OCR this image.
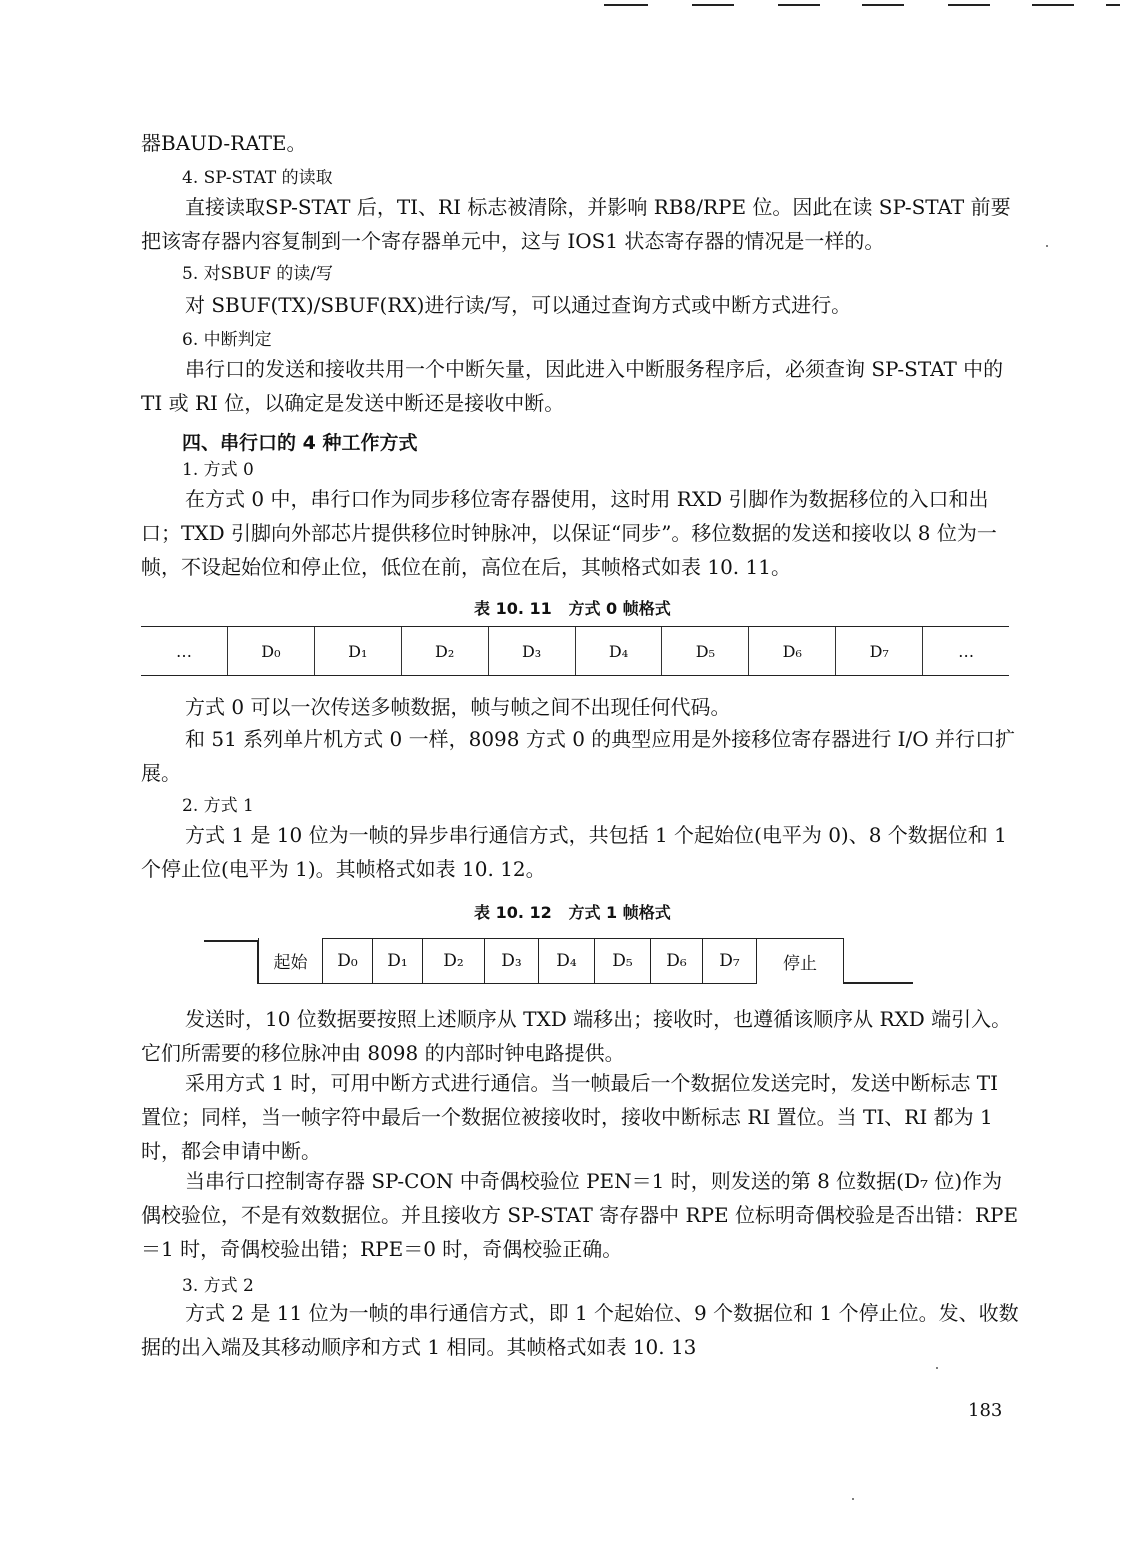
器BAUD-RATE。

4. SP-STAT 的读取

直接读取SP-STAT 后，TI、RI 标志被清除，并影响 RB8/RPE 位。因此在读 SP-STAT 前要把该寄存器内容复制到一个寄存器单元中，这与 IOS1 状态寄存器的情况是一样的。

5. 对SBUF 的读/写

对 SBUF(TX)/SBUF(RX)进行读/写，可以通过查询方式或中断方式进行。

6. 中断判定

串行口的发送和接收共用一个中断矢量，因此进入中断服务程序后，必须查询 SP-STAT 中的 TI 或 RI 位，以确定是发送中断还是接收中断。

四、串行口的 4 种工作方式
1. 方式 0

在方式 0 中，串行口作为同步移位寄存器使用，这时用 RXD 引脚作为数据移位的入口和出口；TXD 引脚向外部芯片提供移位时钟脉冲，以保证“同步”。移位数据的发送和接收以 8 位为一帧，不设起始位和停止位，低位在前，高位在后，其帧格式如表 10. 11。

表 10. 11   方式 0 帧格式
…	D₀	D₁	D₂	D₃	D₄	D₅	D₆	D₇	…

方式 0 可以一次传送多帧数据，帧与帧之间不出现任何代码。

和 51 系列单片机方式 0 一样，8098 方式 0 的典型应用是外接移位寄存器进行 I/O 并行口扩展。

2. 方式 1

方式 1 是 10 位为一帧的异步串行通信方式，共包括 1 个起始位(电平为 0)、8 个数据位和 1 个停止位(电平为 1)。其帧格式如表 10. 12。

表 10. 12   方式 1 帧格式
起始	D₀	D₁	D₂	D₃	D₄	D₅	D₆	D₇	停止

发送时，10 位数据要按照上述顺序从 TXD 端移出；接收时，也遵循该顺序从 RXD 端引入。它们所需要的移位脉冲由 8098 的内部时钟电路提供。

采用方式 1 时，可用中断方式进行通信。当一帧最后一个数据位发送完时，发送中断标志 TI 置位；同样，当一帧字符中最后一个数据位被接收时，接收中断标志 RI 置位。当 TI、RI 都为 1 时，都会申请中断。

当串行口控制寄存器 SP-CON 中奇偶校验位 PEN＝1 时，则发送的第 8 位数据(D₇ 位)作为偶校验位，不是有效数据位。并且接收方 SP-STAT 寄存器中 RPE 位标明奇偶校验是否出错：RPE＝1 时，奇偶校验出错；RPE＝0 时，奇偶校验正确。

3. 方式 2

方式 2 是 11 位为一帧的串行通信方式，即 1 个起始位、9 个数据位和 1 个停止位。发、收数据的出入端及其移动顺序和方式 1 相同。其帧格式如表 10. 13

183
